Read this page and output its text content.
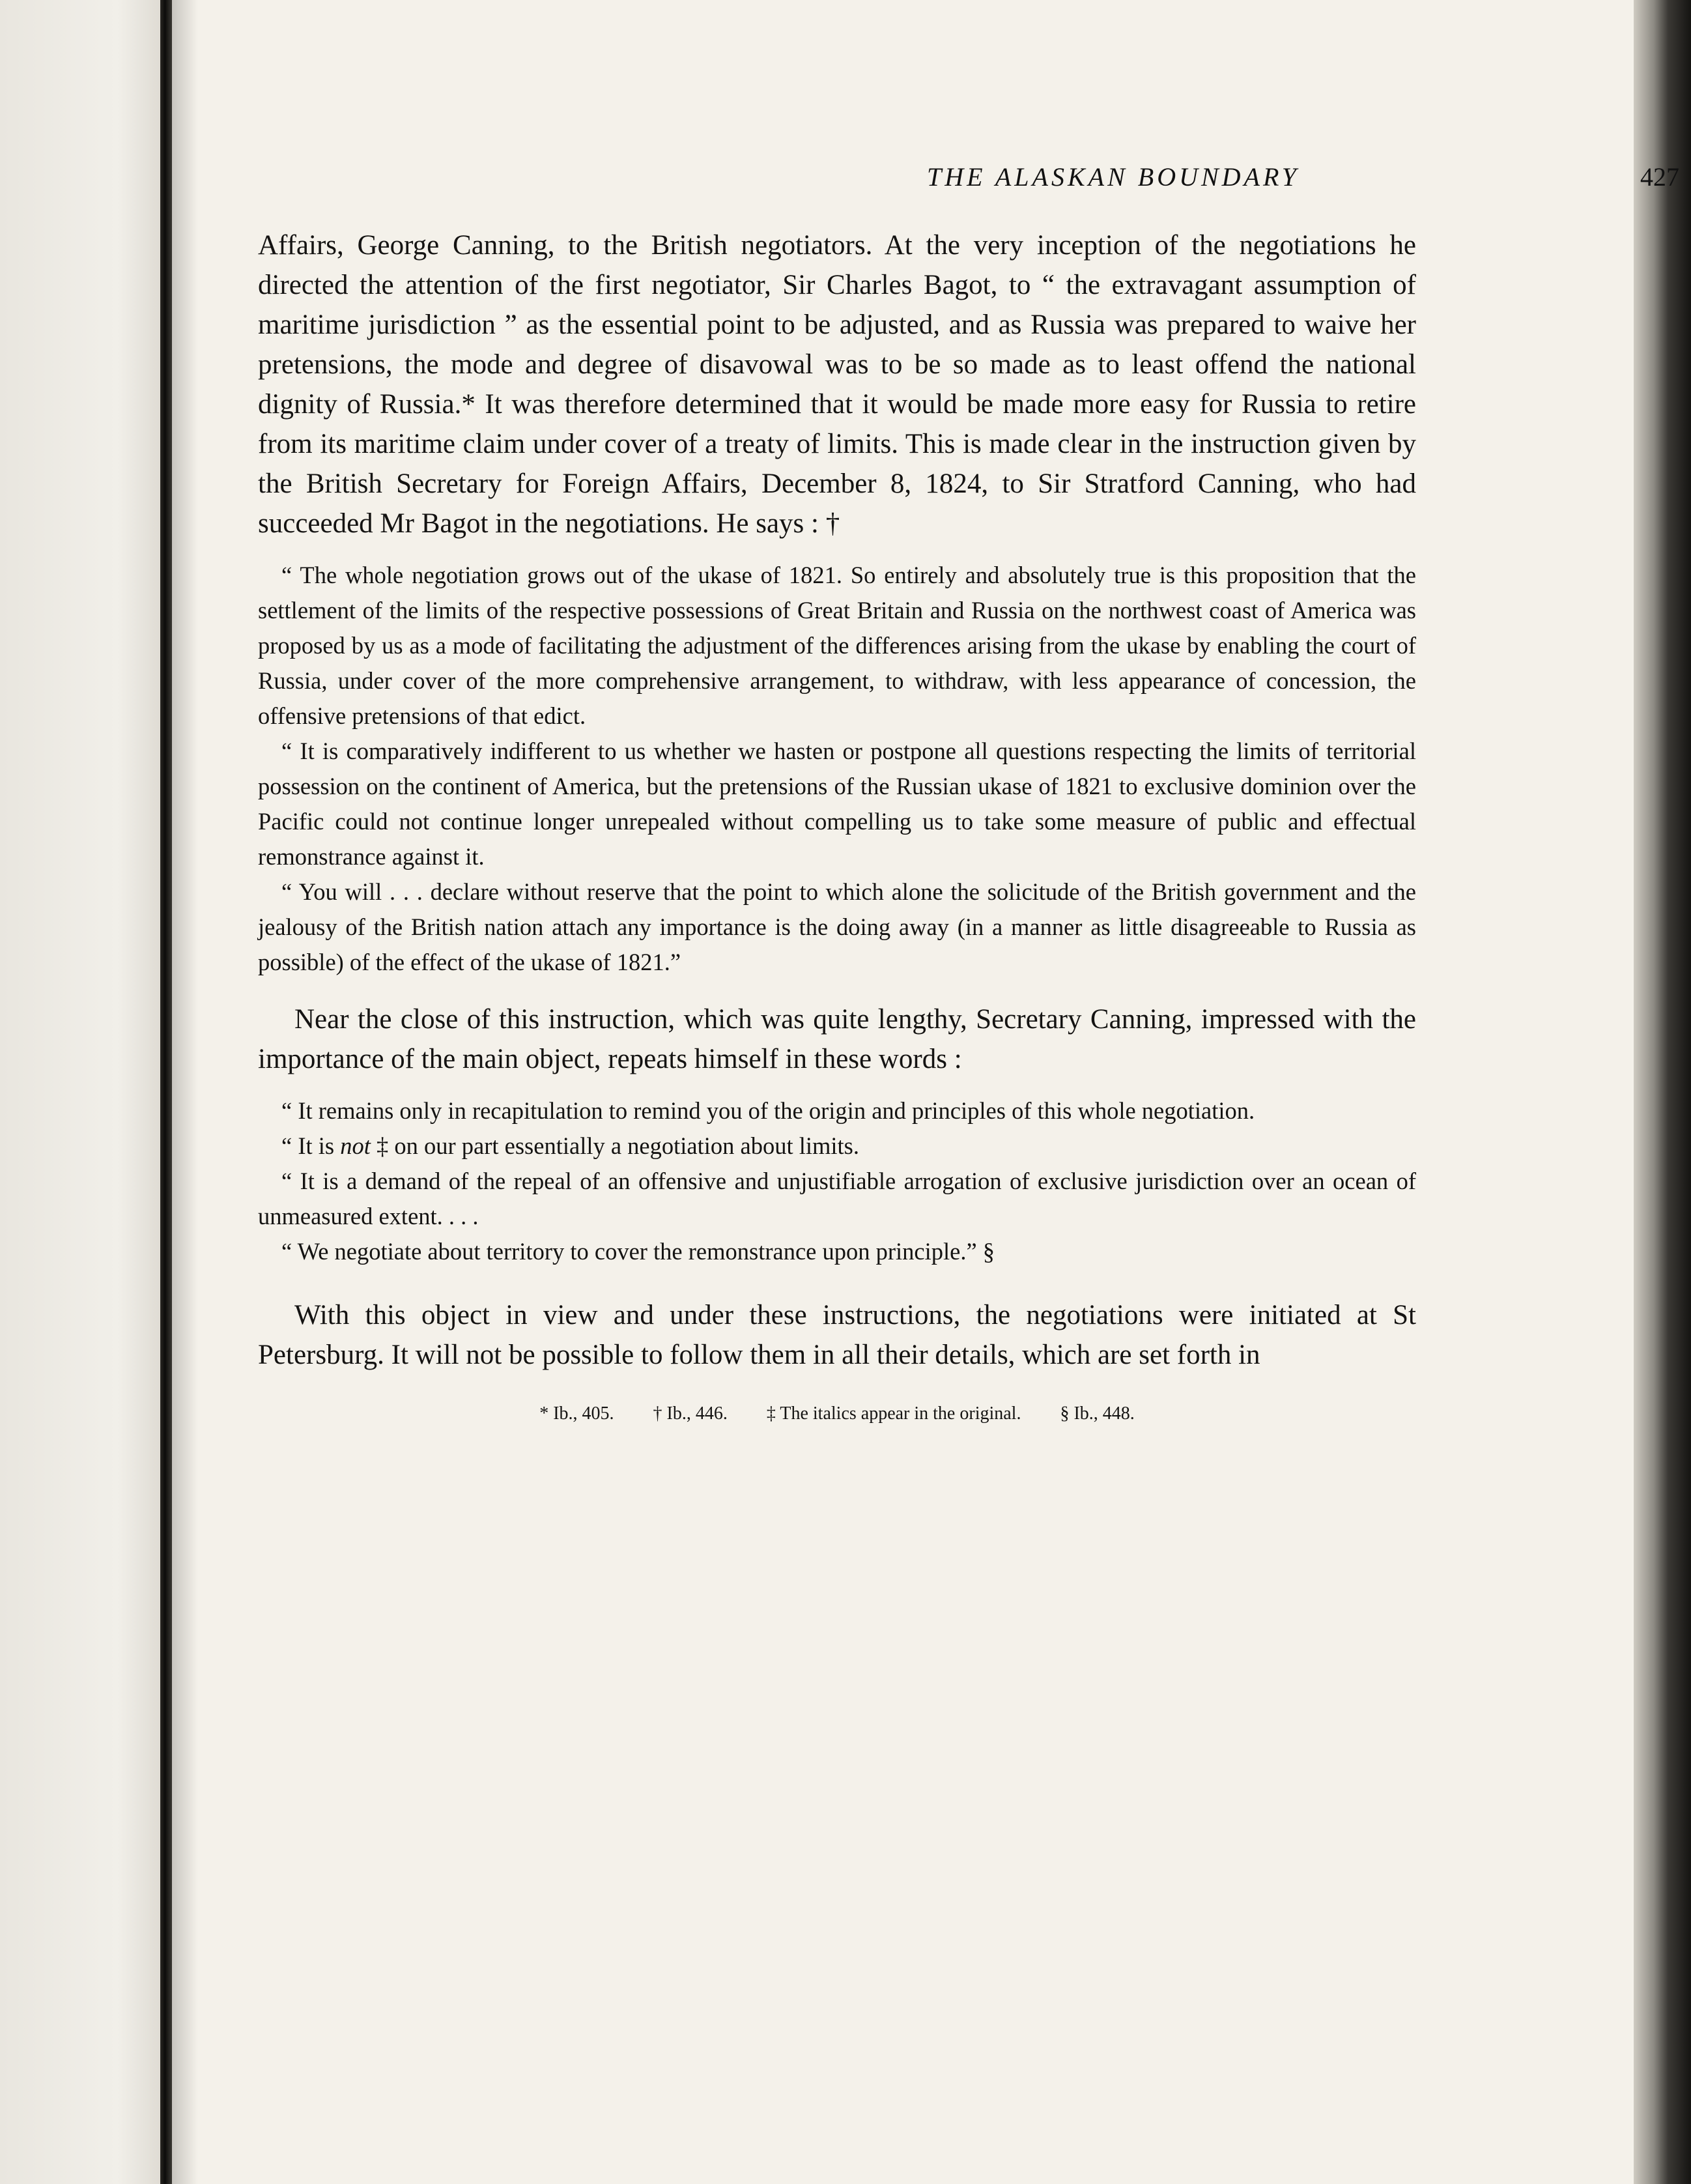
THE ALASKAN BOUNDARY	427

Affairs, George Canning, to the British negotiators. At the very inception of the negotiations he directed the attention of the first negotiator, Sir Charles Bagot, to “ the extravagant assumption of maritime jurisdiction ” as the essential point to be adjusted, and as Russia was prepared to waive her pretensions, the mode and degree of disavowal was to be so made as to least offend the national dignity of Russia.* It was therefore determined that it would be made more easy for Russia to retire from its maritime claim under cover of a treaty of limits. This is made clear in the instruction given by the British Secretary for Foreign Affairs, December 8, 1824, to Sir Stratford Canning, who had succeeded Mr Bagot in the negotiations. He says : †

“ The whole negotiation grows out of the ukase of 1821. So entirely and absolutely true is this proposition that the settlement of the limits of the respective possessions of Great Britain and Russia on the northwest coast of America was proposed by us as a mode of facilitating the adjustment of the differences arising from the ukase by enabling the court of Russia, under cover of the more comprehensive arrangement, to withdraw, with less appearance of concession, the offensive pretensions of that edict.

“ It is comparatively indifferent to us whether we hasten or postpone all questions respecting the limits of territorial possession on the continent of America, but the pretensions of the Russian ukase of 1821 to exclusive dominion over the Pacific could not continue longer unrepealed without compelling us to take some measure of public and effectual remonstrance against it.

“ You will . . . declare without reserve that the point to which alone the solicitude of the British government and the jealousy of the British nation attach any importance is the doing away (in a manner as little disagreeable to Russia as possible) of the effect of the ukase of 1821.”

Near the close of this instruction, which was quite lengthy, Secretary Canning, impressed with the importance of the main object, repeats himself in these words :

“ It remains only in recapitulation to remind you of the origin and principles of this whole negotiation.

“ It is not ‡ on our part essentially a negotiation about limits.

“ It is a demand of the repeal of an offensive and unjustifiable arrogation of exclusive jurisdiction over an ocean of unmeasured extent. . . .

“ We negotiate about territory to cover the remonstrance upon principle.” §

With this object in view and under these instructions, the negotiations were initiated at St Petersburg. It will not be possible to follow them in all their details, which are set forth in

* Ib., 405. † Ib., 446. ‡ The italics appear in the original. § Ib., 448.
